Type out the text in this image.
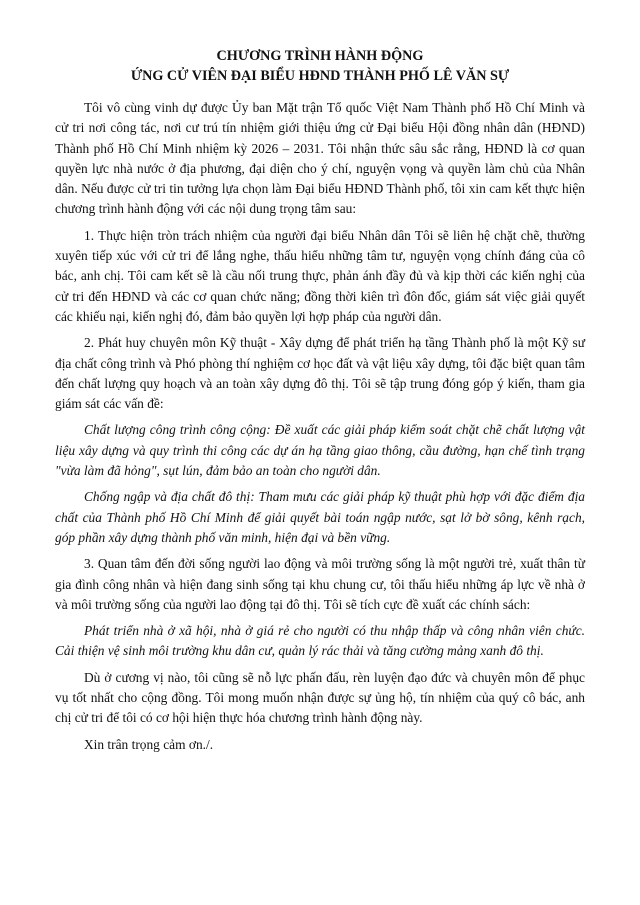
CHƯƠNG TRÌNH HÀNH ĐỘNG
ỨNG CỬ VIÊN ĐẠI BIỂU HĐND THÀNH PHỐ LÊ VĂN SỰ

Tôi vô cùng vinh dự được Ủy ban Mặt trận Tổ quốc Việt Nam Thành phố Hồ Chí Minh và cử tri nơi công tác, nơi cư trú tín nhiệm giới thiệu ứng cử Đại biểu Hội đồng nhân dân (HĐND) Thành phố Hồ Chí Minh nhiệm kỳ 2026 – 2031. Tôi nhận thức sâu sắc rằng, HĐND là cơ quan quyền lực nhà nước ở địa phương, đại diện cho ý chí, nguyện vọng và quyền làm chủ của Nhân dân. Nếu được cử tri tin tưởng lựa chọn làm Đại biểu HĐND Thành phố, tôi xin cam kết thực hiện chương trình hành động với các nội dung trọng tâm sau:

1. Thực hiện tròn trách nhiệm của người đại biểu Nhân dân Tôi sẽ liên hệ chặt chẽ, thường xuyên tiếp xúc với cử tri để lắng nghe, thấu hiểu những tâm tư, nguyện vọng chính đáng của cô bác, anh chị. Tôi cam kết sẽ là cầu nối trung thực, phản ánh đầy đủ và kịp thời các kiến nghị của cử tri đến HĐND và các cơ quan chức năng; đồng thời kiên trì đôn đốc, giám sát việc giải quyết các khiếu nại, kiến nghị đó, đảm bảo quyền lợi hợp pháp của người dân.

2. Phát huy chuyên môn Kỹ thuật - Xây dựng để phát triển hạ tầng Thành phố là một Kỹ sư địa chất công trình và Phó phòng thí nghiệm cơ học đất và vật liệu xây dựng, tôi đặc biệt quan tâm đến chất lượng quy hoạch và an toàn xây dựng đô thị. Tôi sẽ tập trung đóng góp ý kiến, tham gia giám sát các vấn đề:

Chất lượng công trình công cộng: Đề xuất các giải pháp kiểm soát chặt chẽ chất lượng vật liệu xây dựng và quy trình thi công các dự án hạ tầng giao thông, cầu đường, hạn chế tình trạng "vừa làm đã hỏng", sụt lún, đảm bảo an toàn cho người dân.

Chống ngập và địa chất đô thị: Tham mưu các giải pháp kỹ thuật phù hợp với đặc điểm địa chất của Thành phố Hồ Chí Minh để giải quyết bài toán ngập nước, sạt lở bờ sông, kênh rạch, góp phần xây dựng thành phố văn minh, hiện đại và bền vững.

3. Quan tâm đến đời sống người lao động và môi trường sống là một người trẻ, xuất thân từ gia đình công nhân và hiện đang sinh sống tại khu chung cư, tôi thấu hiểu những áp lực về nhà ở và môi trường sống của người lao động tại đô thị. Tôi sẽ tích cực đề xuất các chính sách:

Phát triển nhà ở xã hội, nhà ở giá rẻ cho người có thu nhập thấp và công nhân viên chức. Cải thiện vệ sinh môi trường khu dân cư, quản lý rác thải và tăng cường mảng xanh đô thị.

Dù ở cương vị nào, tôi cũng sẽ nỗ lực phấn đấu, rèn luyện đạo đức và chuyên môn để phục vụ tốt nhất cho cộng đồng. Tôi mong muốn nhận được sự ủng hộ, tín nhiệm của quý cô bác, anh chị cử tri để tôi có cơ hội hiện thực hóa chương trình hành động này.

Xin trân trọng cảm ơn./.
